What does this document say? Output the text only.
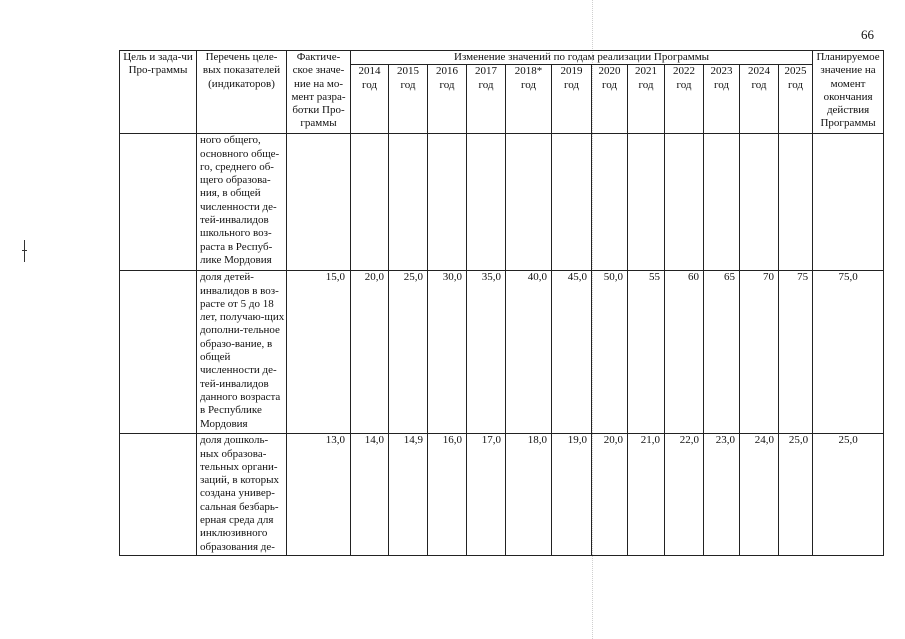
66
Цель и зада-чи Про-граммы	Перечень целе-вых показателей (индикаторов)	Фактиче-ское значе-ние на мо-мент разра-ботки Про-граммы	Изменение значений по годам реализации Программы												Планируемое значение на момент окончания действия Программы
			2014 год	2015 год	2016 год	2017 год	2018* год	2019 год	2020 год	2021 год	2022 год	2023 год	2024 год	2025 год	
	ного общего, основного обще-го, среднего об-щего образова-ния, в общей численности де-тей-инвалидов школьного воз-раста в Респуб-лике Мордовия														
	доля детей-инвалидов в воз-расте от 5 до 18 лет, получаю-щих дополни-тельное образо-вание, в общей численности де-тей-инвалидов данного возраста в Республике Мордовия	15,0	20,0	25,0	30,0	35,0	40,0	45,0	50,0	55	60	65	70	75	75,0
	доля дошколь-ных образова-тельных органи-заций, в которых создана универ-сальная безбарь-ерная среда для инклюзивного образования де-	13,0	14,0	14,9	16,0	17,0	18,0	19,0	20,0	21,0	22,0	23,0	24,0	25,0	25,0
